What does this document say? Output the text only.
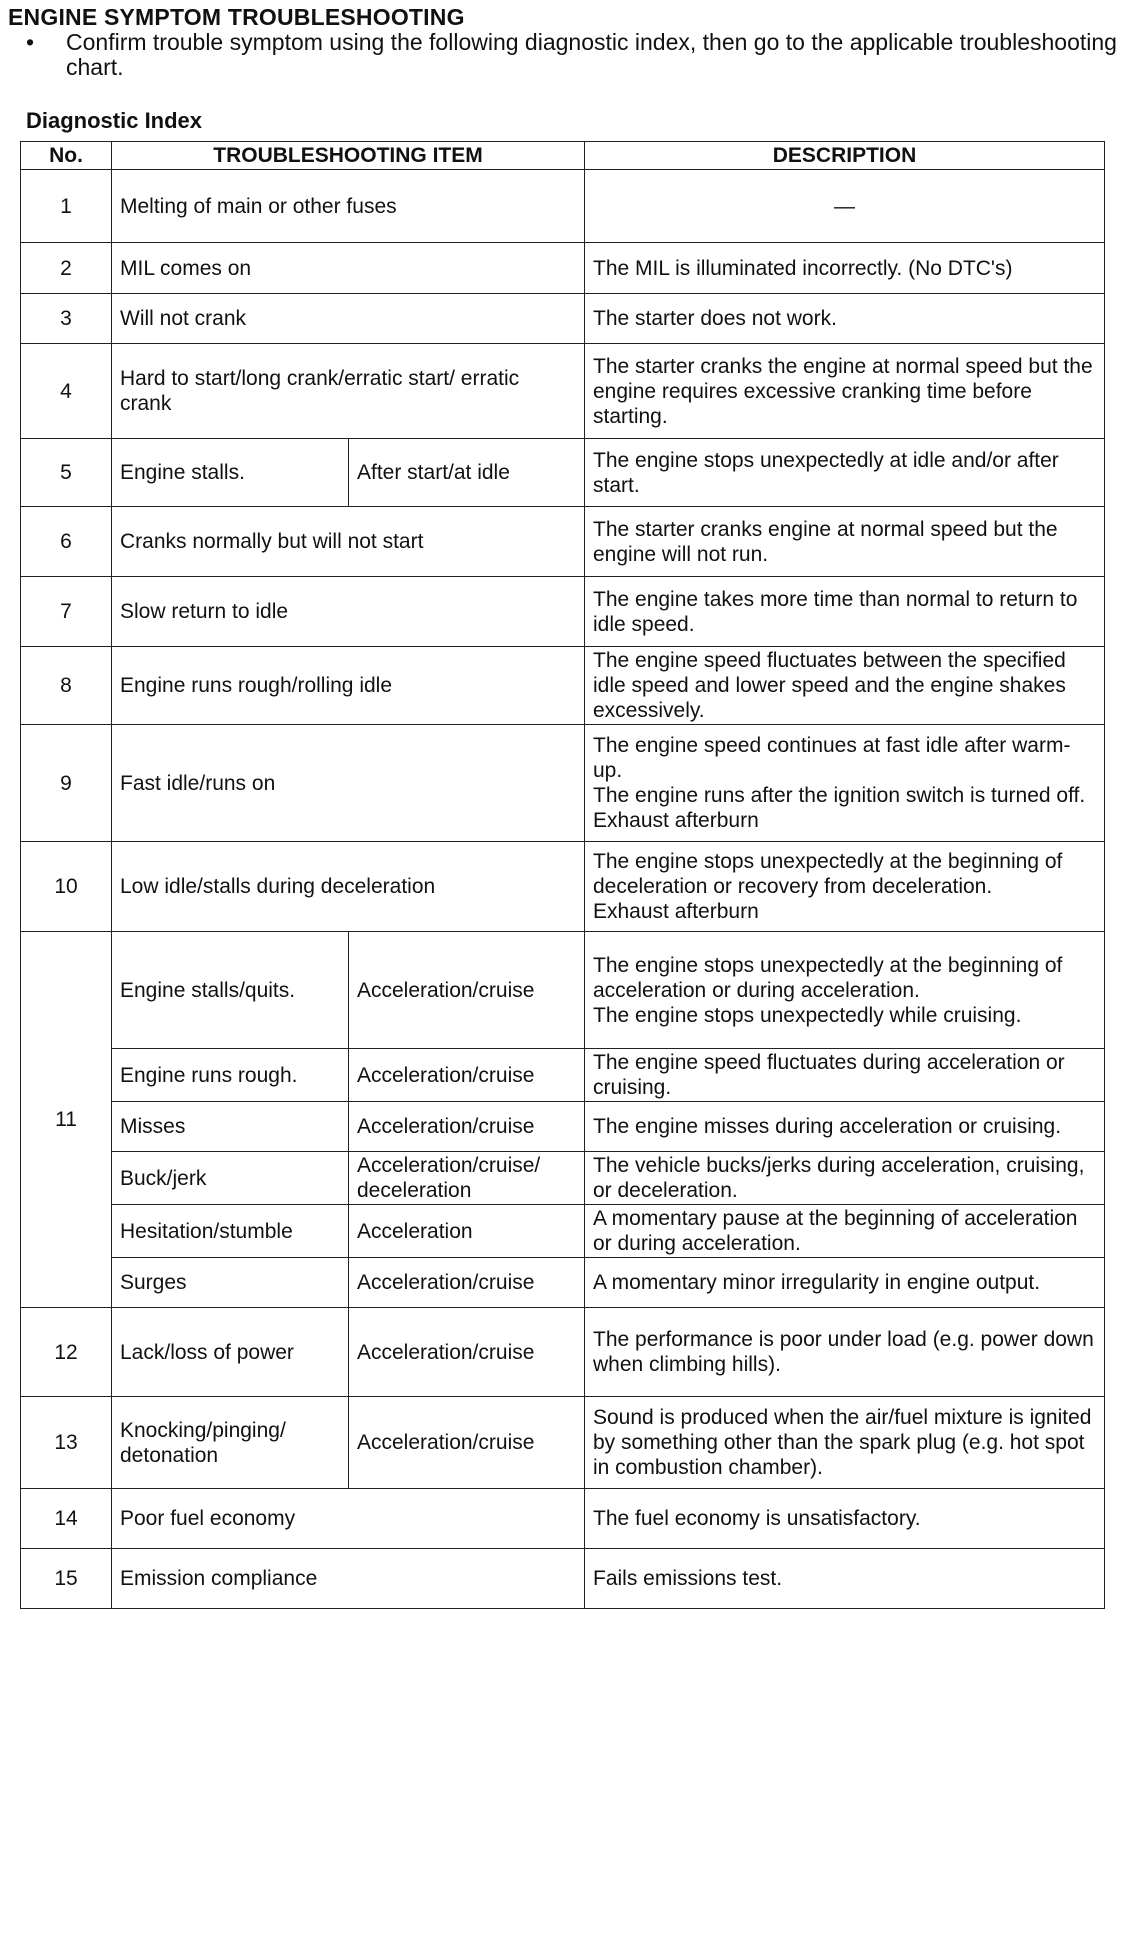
ENGINE SYMPTOM TROUBLESHOOTING
•	Confirm trouble symptom using the following diagnostic index, then go to the applicable troubleshooting chart.
Diagnostic Index
No.	TROUBLESHOOTING ITEM		DESCRIPTION
1	Melting of main or other fuses		—

2	MIL comes on		The MIL is illuminated incorrectly. (No DTC's)

3	Will not crank		The starter does not work.

4	Hard to start/long crank/erratic start/ erratic crank		The starter cranks the engine at normal speed but the engine requires excessive cranking time before starting.

5	Engine stalls.	After start/at idle	The engine stops unexpectedly at idle and/or after start.

6	Cranks normally but will not start		The starter cranks engine at normal speed but the engine will not run.

7	Slow return to idle		The engine takes more time than normal to return to idle speed.

8	Engine runs rough/rolling idle		The engine speed fluctuates between the specified idle speed and lower speed and the engine shakes excessively.

9	Fast idle/runs on		The engine speed continues at fast idle after warm-up.
The engine runs after the ignition switch is turned off.
Exhaust afterburn

10	Low idle/stalls during deceleration		The engine stops unexpectedly at the beginning of deceleration or recovery from deceleration.
Exhaust afterburn

11	Engine stalls/quits.	Acceleration/cruise	The engine stops unexpectedly at the beginning of acceleration or during acceleration.
The engine stops unexpectedly while cruising.

	Engine runs rough.	Acceleration/cruise	The engine speed fluctuates during acceleration or cruising.

	Misses	Acceleration/cruise	The engine misses during acceleration or cruising.

	Buck/jerk	Acceleration/cruise/ deceleration	The vehicle bucks/jerks during acceleration, cruising, or deceleration.

	Hesitation/stumble	Acceleration	A momentary pause at the beginning of acceleration or during acceleration.

	Surges	Acceleration/cruise	A momentary minor irregularity in engine output.

12	Lack/loss of power	Acceleration/cruise	The performance is poor under load (e.g. power down when climbing hills).

13	Knocking/pinging/ detonation	Acceleration/cruise	Sound is produced when the air/fuel mixture is ignited by something other than the spark plug (e.g. hot spot in combustion chamber).

14	Poor fuel economy		The fuel economy is unsatisfactory.

15	Emission compliance		Fails emissions test.
